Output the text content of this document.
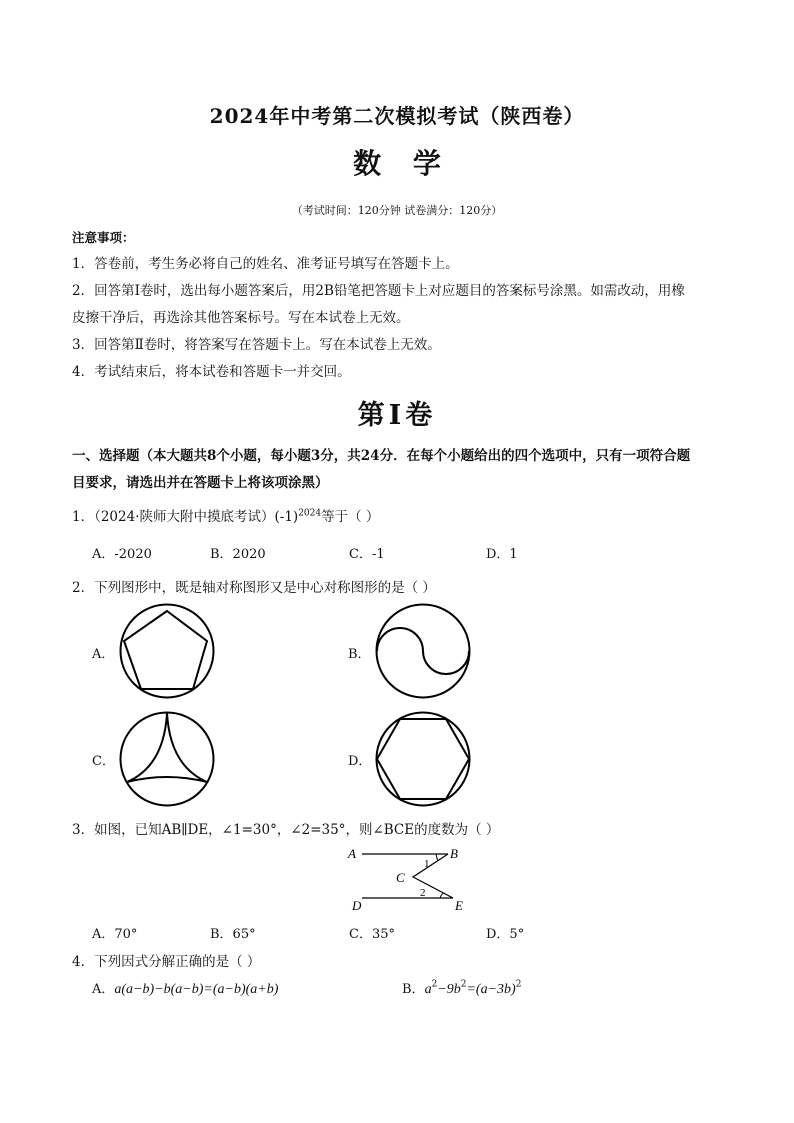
2024年中考第二次模拟考试（陕西卷）
数 学
（考试时间：120分钟 试卷满分：120分）
注意事项：
1．答卷前，考生务必将自己的姓名、准考证号填写在答题卡上。
2．回答第Ⅰ卷时，选出每小题答案后，用2B铅笔把答题卡上对应题目的答案标号涂黑。如需改动，用橡
皮擦干净后，再选涂其他答案标号。写在本试卷上无效。
3．回答第Ⅱ卷时，将答案写在答题卡上。写在本试卷上无效。
4．考试结束后，将本试卷和答题卡一并交回。
第Ⅰ卷
一、选择题（本大题共8个小题，每小题3分，共24分．在每个小题给出的四个选项中，只有一项符合题
目要求，请选出并在答题卡上将该项涂黑）
1．（2024·陕师大附中摸底考试）$(-1)^{2024}$等于（ ）
A．-2020	B．2020	C．-1	D．1
2．下列图形中，既是轴对称图形又是中心对称图形的是（ ）
A．	B．
C．	D．
3．如图，已知AB∥DE，∠1=30°，∠2=35°，则∠BCE的度数为（ ）
A	B
C
D	E
1
2
A．70°	B．65°	C．35°	D．5°
4．下列因式分解正确的是（ ）
A．a(a−b)−b(a−b)=(a−b)(a+b)	B．$a^2-9b^2=(a-3b)^2$
